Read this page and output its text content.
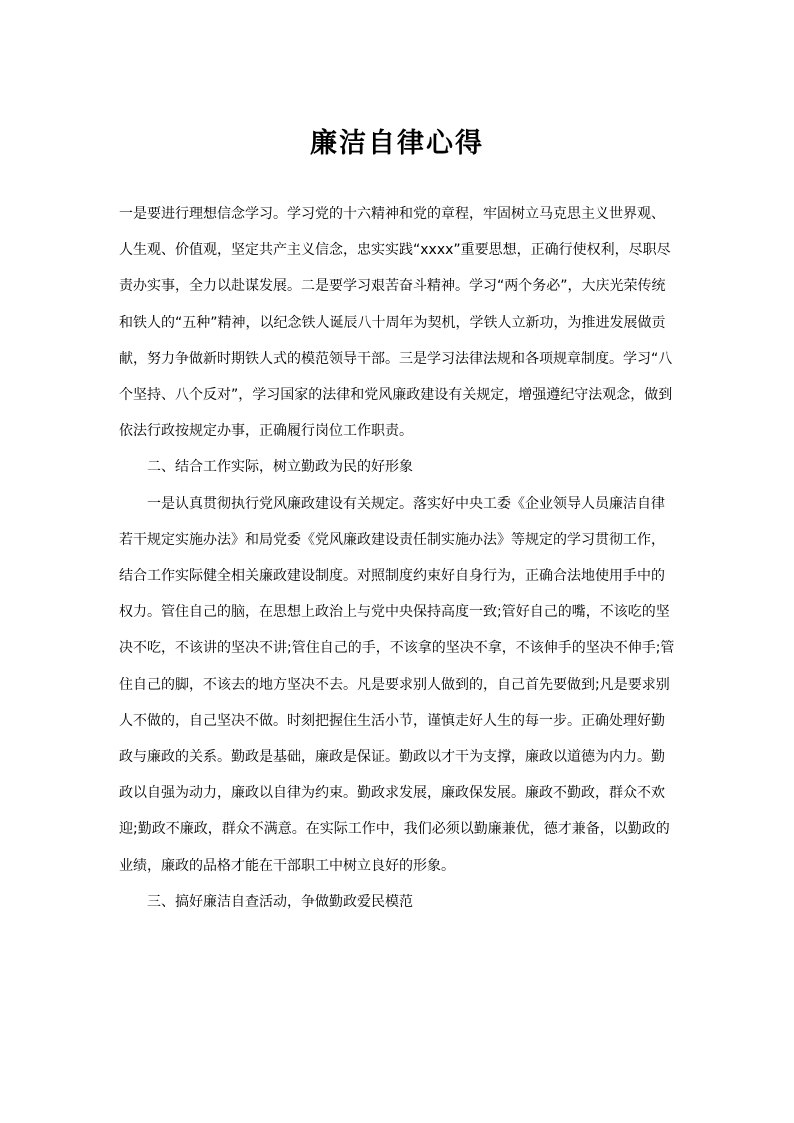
廉洁自律心得

一是要进行理想信念学习。学习党的十六精神和党的章程，牢固树立马克思主义世界观、人生观、价值观，坚定共产主义信念，忠实实践“xxxx”重要思想，正确行使权利，尽职尽责办实事，全力以赴谋发展。二是要学习艰苦奋斗精神。学习“两个务必”，大庆光荣传统和铁人的“五种”精神，以纪念铁人诞辰八十周年为契机，学铁人立新功，为推进发展做贡献，努力争做新时期铁人式的模范领导干部。三是学习法律法规和各项规章制度。学习“八个坚持、八个反对”，学习国家的法律和党风廉政建设有关规定，增强遵纪守法观念，做到依法行政按规定办事，正确履行岗位工作职责。

二、结合工作实际，树立勤政为民的好形象

一是认真贯彻执行党风廉政建设有关规定。落实好中央工委《企业领导人员廉洁自律若干规定实施办法》和局党委《党风廉政建设责任制实施办法》等规定的学习贯彻工作，结合工作实际健全相关廉政建设制度。对照制度约束好自身行为，正确合法地使用手中的权力。管住自己的脑，在思想上政治上与党中央保持高度一致;管好自己的嘴，不该吃的坚决不吃，不该讲的坚决不讲;管住自己的手，不该拿的坚决不拿，不该伸手的坚决不伸手;管住自己的脚，不该去的地方坚决不去。凡是要求别人做到的，自己首先要做到;凡是要求别人不做的，自己坚决不做。时刻把握住生活小节，谨慎走好人生的每一步。正确处理好勤政与廉政的关系。勤政是基础，廉政是保证。勤政以才干为支撑，廉政以道德为内力。勤政以自强为动力，廉政以自律为约束。勤政求发展，廉政保发展。廉政不勤政，群众不欢迎;勤政不廉政，群众不满意。在实际工作中，我们必须以勤廉兼优，德才兼备，以勤政的业绩，廉政的品格才能在干部职工中树立良好的形象。

三、搞好廉洁自查活动，争做勤政爱民模范
